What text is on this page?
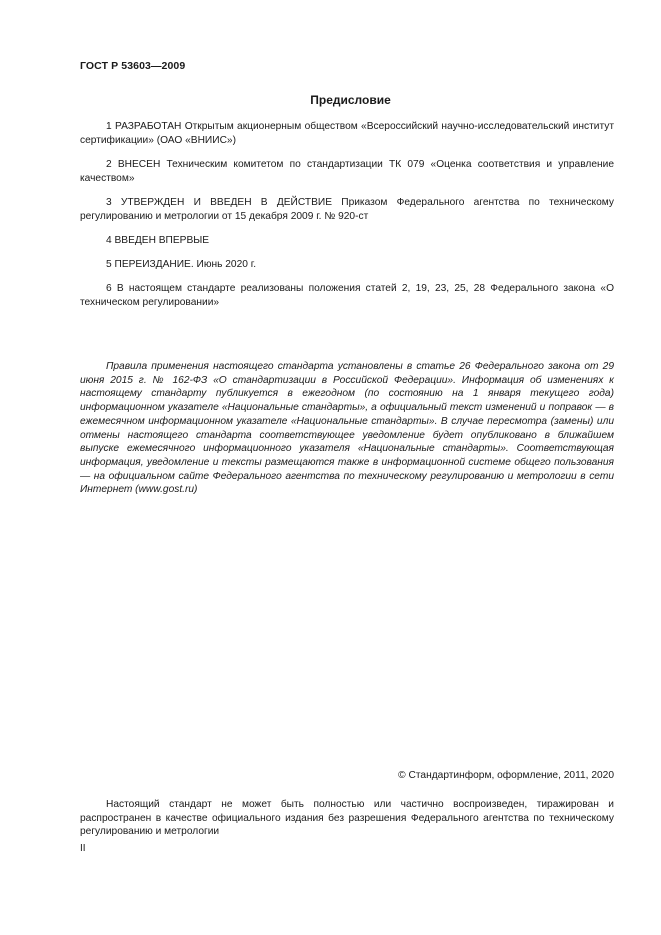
ГОСТ Р 53603—2009
Предисловие

1 РАЗРАБОТАН Открытым акционерным обществом «Всероссийский научно-исследовательский институт сертификации» (ОАО «ВНИИС»)

2 ВНЕСЕН Техническим комитетом по стандартизации ТК 079 «Оценка соответствия и управление качеством»

3 УТВЕРЖДЕН И ВВЕДЕН В ДЕЙСТВИЕ Приказом Федерального агентства по техническому регулированию и метрологии от 15 декабря 2009 г. № 920-ст

4 ВВЕДЕН ВПЕРВЫЕ

5 ПЕРЕИЗДАНИЕ. Июнь 2020 г.

6 В настоящем стандарте реализованы положения статей 2, 19, 23, 25, 28 Федерального закона «О техническом регулировании»

Правила применения настоящего стандарта установлены в статье 26 Федерального закона от 29 июня 2015 г. № 162-ФЗ «О стандартизации в Российской Федерации». Информация об изменениях к настоящему стандарту публикуется в ежегодном (по состоянию на 1 января текущего года) информационном указателе «Национальные стандарты», а официальный текст изменений и поправок — в ежемесячном информационном указателе «Национальные стандарты». В случае пересмотра (замены) или отмены настоящего стандарта соответствующее уведомление будет опубликовано в ближайшем выпуске ежемесячного информационного указателя «Национальные стандарты». Соответствующая информация, уведомление и тексты размещаются также в информационной системе общего пользования — на официальном сайте Федерального агентства по техническому регулированию и метрологии в сети Интернет (www.gost.ru)
© Стандартинформ, оформление, 2011, 2020
Настоящий стандарт не может быть полностью или частично воспроизведен, тиражирован и распространен в качестве официального издания без разрешения Федерального агентства по техническому регулированию и метрологии
II
